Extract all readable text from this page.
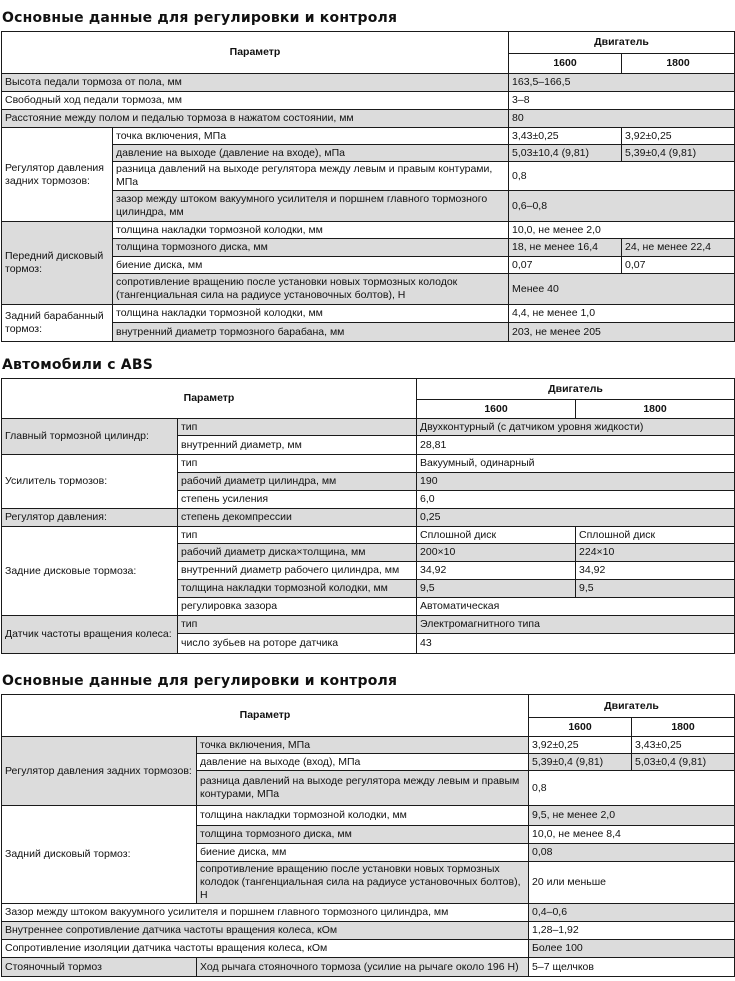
Основные данные для регулировки и контроля
Параметр		Двигатель	
		1600	1800
Высота педали тормоза от пола, мм		163,5–166,5	
Свободный ход педали тормоза, мм		3–8	
Расстояние между полом и педалью тормоза в нажатом состоянии, мм		80	
Регулятор давления задних тормозов:	точка включения, МПа	3,43±0,25	3,92±0,25
	давление на выходе (давление на входе), мПа	5,03±10,4 (9,81)	5,39±0,4 (9,81)
	разница давлений на выходе регулятора между левым и правым контурами, МПа	0,8	
	зазор между штоком вакуумного усилителя и поршнем главного тормозного цилиндра, мм	0,6–0,8	
Передний дисковый тормоз:	толщина накладки тормозной колодки, мм	10,0, не менее 2,0	
	толщина тормозного диска, мм	18, не менее 16,4	24, не менее 22,4
	биение диска, мм	0,07	0,07
	сопротивление вращению после установки новых тормозных колодок (тангенциальная сила на радиусе установочных болтов), Н	Менее 40	
Задний барабанный тормоз:	толщина накладки тормозной колодки, мм	4,4, не менее 1,0	
	внутренний диаметр тормозного барабана, мм	203, не менее 205	
Автомобили с ABS
Параметр		Двигатель	
		1600	1800
Главный тормозной цилиндр:	тип	Двухконтурный (с датчиком уровня жидкости)	
	внутренний диаметр, мм	28,81	
Усилитель тормозов:	тип	Вакуумный, одинарный	
	рабочий диаметр цилиндра, мм	190	
	степень усиления	6,0	
Регулятор давления:	степень декомпрессии	0,25	
Задние дисковые тормоза:	тип	Сплошной диск	Сплошной диск
	рабочий диаметр диска×толщина, мм	200×10	224×10
	внутренний диаметр рабочего цилиндра, мм	34,92	34,92
	толщина накладки тормозной колодки, мм	9,5	9,5
	регулировка зазора	Автоматическая	
Датчик частоты вращения колеса:	тип	Электромагнитного типа	
	число зубьев на роторе датчика	43	
Основные данные для регулировки и контроля
Параметр		Двигатель	
		1600	1800
Регулятор давления задних тормозов:	точка включения, МПа	3,92±0,25	3,43±0,25
	давление на выходе (вход), МПа	5,39±0,4 (9,81)	5,03±0,4 (9,81)
	разница давлений на выходе регулятора между левым и правым контурами, МПа	0,8	
Задний дисковый тормоз:	толщина накладки тормозной колодки, мм	9,5, не менее 2,0	
	толщина тормозного диска, мм	10,0, не менее 8,4	
	биение диска, мм	0,08	
	сопротивление вращению после установки новых тормозных колодок (тангенциальная сила на радиусе установочных болтов), Н	20 или меньше	
Зазор между штоком вакуумного усилителя и поршнем главного тормозного цилиндра, мм		0,4–0,6	
Внутреннее сопротивление датчика частоты вращения колеса, кОм		1,28–1,92	
Сопротивление изоляции датчика частоты вращения колеса, кОм		Более 100	
Стояночный тормоз	Ход рычага стояночного тормоза (усилие на рычаге около 196 Н)	5–7 щелчков	
